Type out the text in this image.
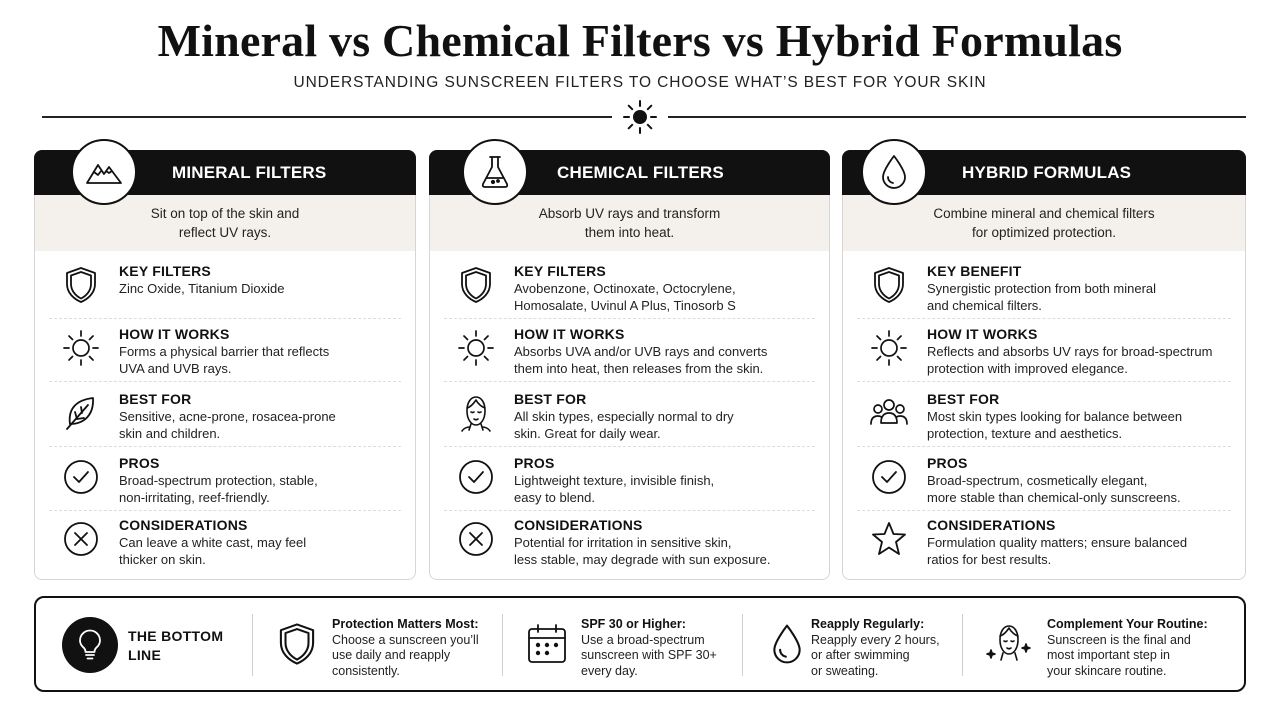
Mineral vs Chemical Filters vs Hybrid Formulas
UNDERSTANDING SUNSCREEN FILTERS TO CHOOSE WHAT’S BEST FOR YOUR SKIN
MINERAL FILTERS
Sit on top of the skin and
reflect UV rays.
KEY FILTERS
Zinc Oxide, Titanium Dioxide
HOW IT WORKS
Forms a physical barrier that reflects
UVA and UVB rays.
BEST FOR
Sensitive, acne-prone, rosacea-prone
skin and children.
PROS
Broad-spectrum protection, stable,
non-irritating, reef-friendly.
CONSIDERATIONS
Can leave a white cast, may feel
thicker on skin.
CHEMICAL FILTERS
Absorb UV rays and transform
them into heat.
KEY FILTERS
Avobenzone, Octinoxate, Octocrylene,
Homosalate, Uvinul A Plus, Tinosorb S
HOW IT WORKS
Absorbs UVA and/or UVB rays and converts
them into heat, then releases from the skin.
BEST FOR
All skin types, especially normal to dry
skin. Great for daily wear.
PROS
Lightweight texture, invisible finish,
easy to blend.
CONSIDERATIONS
Potential for irritation in sensitive skin,
less stable, may degrade with sun exposure.
HYBRID FORMULAS
Combine mineral and chemical filters
for optimized protection.
KEY BENEFIT
Synergistic protection from both mineral
and chemical filters.
HOW IT WORKS
Reflects and absorbs UV rays for broad-spectrum
protection with improved elegance.
BEST FOR
Most skin types looking for balance between
protection, texture and aesthetics.
PROS
Broad-spectrum, cosmetically elegant,
more stable than chemical-only sunscreens.
CONSIDERATIONS
Formulation quality matters; ensure balanced
ratios for best results.
THE BOTTOM
LINE
Protection Matters Most:
Choose a sunscreen you’ll
use daily and reapply
consistently.
SPF 30 or Higher:
Use a broad-spectrum
sunscreen with SPF 30+
every day.
Reapply Regularly:
Reapply every 2 hours,
or after swimming
or sweating.
Complement Your Routine:
Sunscreen is the final and
most important step in
your skincare routine.
